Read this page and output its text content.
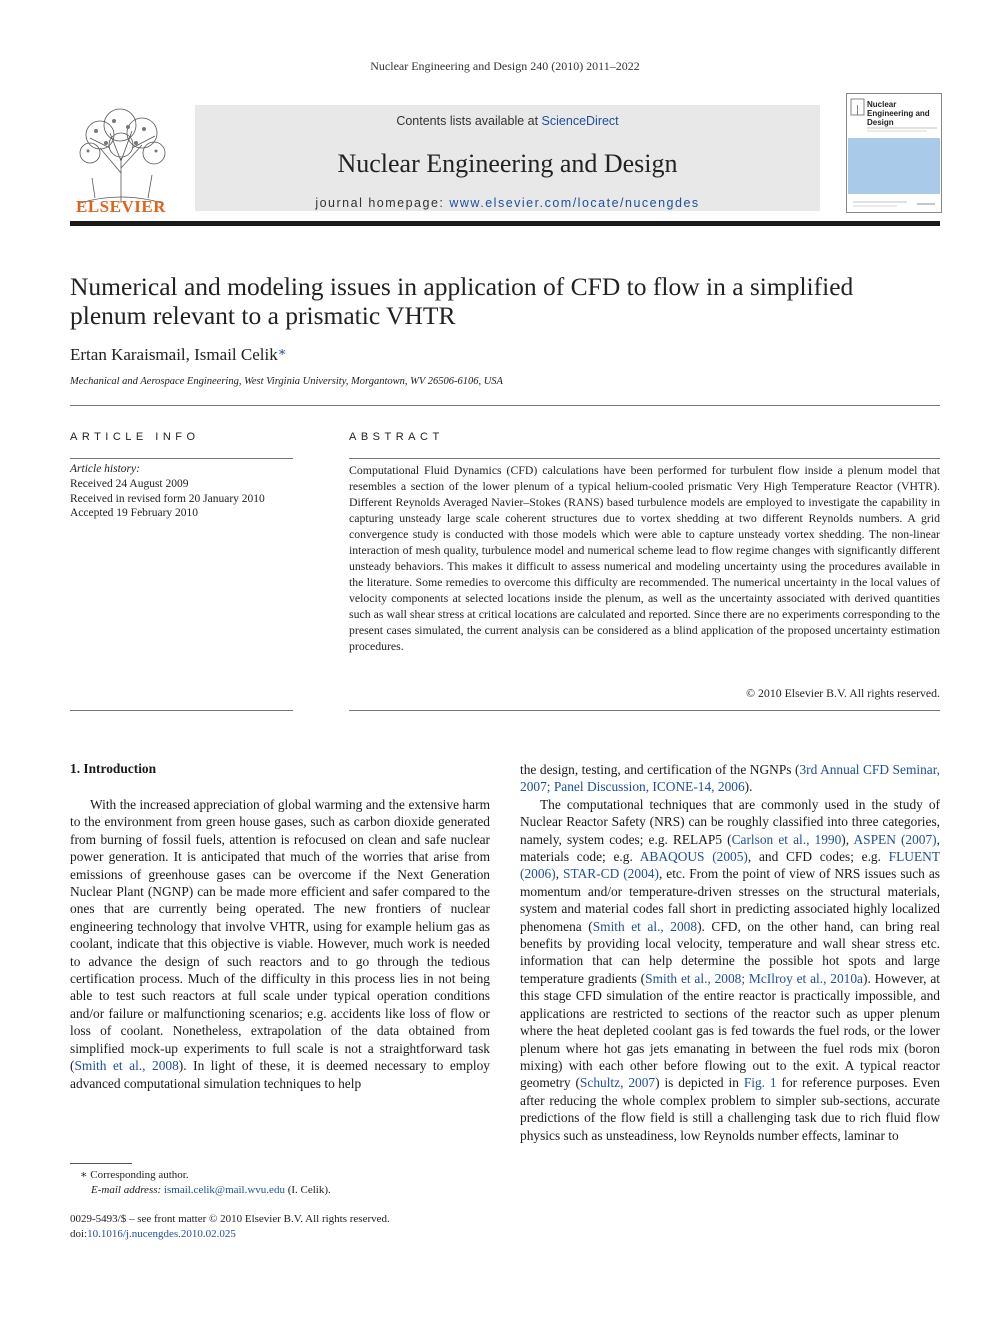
Nuclear Engineering and Design 240 (2010) 2011–2022
ELSEVIER
Contents lists available at ScienceDirect
Nuclear Engineering and Design
journal homepage: www.elsevier.com/locate/nucengdes
Nuclear Engineering and Design
Numerical and modeling issues in application of CFD to flow in a simplified
plenum relevant to a prismatic VHTR
Ertan Karaismail, Ismail Celik∗
Mechanical and Aerospace Engineering, West Virginia University, Morgantown, WV 26506-6106, USA
ARTICLE INFO
Article history:
Received 24 August 2009
Received in revised form 20 January 2010
Accepted 19 February 2010
ABSTRACT
Computational Fluid Dynamics (CFD) calculations have been performed for turbulent flow inside a plenum model that resembles a section of the lower plenum of a typical helium-cooled prismatic Very High Temperature Reactor (VHTR). Different Reynolds Averaged Navier–Stokes (RANS) based turbulence models are employed to investigate the capability in capturing unsteady large scale coherent structures due to vortex shedding at two different Reynolds numbers. A grid convergence study is conducted with those models which were able to capture unsteady vortex shedding. The non-linear interaction of mesh quality, turbulence model and numerical scheme lead to flow regime changes with significantly different unsteady behaviors. This makes it difficult to assess numerical and modeling uncertainty using the procedures available in the literature. Some remedies to overcome this difficulty are recommended. The numerical uncertainty in the local values of velocity components at selected locations inside the plenum, as well as the uncertainty associated with derived quantities such as wall shear stress at critical locations are calculated and reported. Since there are no experiments corresponding to the present cases simulated, the current analysis can be considered as a blind application of the proposed uncertainty estimation procedures.
© 2010 Elsevier B.V. All rights reserved.
1. Introduction

With the increased appreciation of global warming and the extensive harm to the environment from green house gases, such as carbon dioxide generated from burning of fossil fuels, attention is refocused on clean and safe nuclear power generation. It is anticipated that much of the worries that arise from emissions of greenhouse gases can be overcome if the Next Generation Nuclear Plant (NGNP) can be made more efficient and safer compared to the ones that are currently being operated. The new frontiers of nuclear engineering technology that involve VHTR, using for example helium gas as coolant, indicate that this objective is viable. However, much work is needed to advance the design of such reactors and to go through the tedious certification process. Much of the difficulty in this process lies in not being able to test such reactors at full scale under typical operation conditions and/or failure or malfunctioning scenarios; e.g. accidents like loss of flow or loss of coolant. Nonetheless, extrapolation of the data obtained from simplified mock-up experiments to full scale is not a straightforward task (Smith et al., 2008). In light of these, it is deemed necessary to employ advanced computational simulation techniques to help

the design, testing, and certification of the NGNPs (3rd Annual CFD Seminar, 2007; Panel Discussion, ICONE-14, 2006).

The computational techniques that are commonly used in the study of Nuclear Reactor Safety (NRS) can be roughly classified into three categories, namely, system codes; e.g. RELAP5 (Carlson et al., 1990), ASPEN (2007), materials code; e.g. ABAQOUS (2005), and CFD codes; e.g. FLUENT (2006), STAR-CD (2004), etc. From the point of view of NRS issues such as momentum and/or temperature-driven stresses on the structural materials, system and material codes fall short in predicting associated highly localized phenomena (Smith et al., 2008). CFD, on the other hand, can bring real benefits by providing local velocity, temperature and wall shear stress etc. information that can help determine the possible hot spots and large temperature gradients (Smith et al., 2008; McIlroy et al., 2010a). However, at this stage CFD simulation of the entire reactor is practically impossible, and applications are restricted to sections of the reactor such as upper plenum where the heat depleted coolant gas is fed towards the fuel rods, or the lower plenum where hot gas jets emanating in between the fuel rods mix (boron mixing) with each other before flowing out to the exit. A typical reactor geometry (Schultz, 2007) is depicted in Fig. 1 for reference purposes. Even after reducing the whole complex problem to simpler sub-sections, accurate predictions of the flow field is still a challenging task due to rich fluid flow physics such as unsteadiness, low Reynolds number effects, laminar to

∗ Corresponding author.
E-mail address: ismail.celik@mail.wvu.edu (I. Celik).
0029-5493/$ – see front matter © 2010 Elsevier B.V. All rights reserved.
doi:10.1016/j.nucengdes.2010.02.025
